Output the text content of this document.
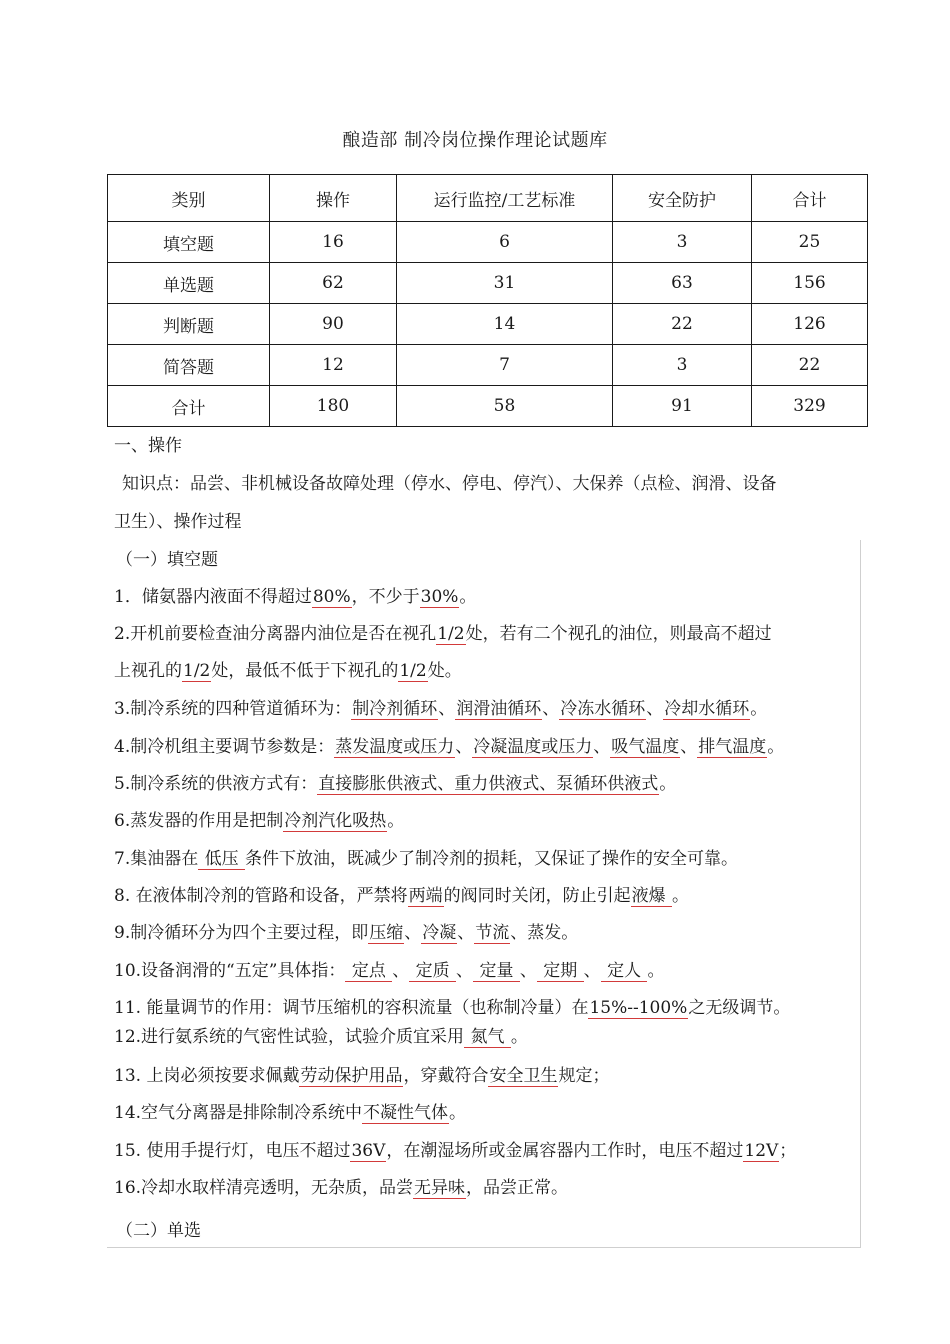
酿造部 制冷岗位操作理论试题库
类别	操作	运行监控/工艺标准	安全防护	合计
填空题	16	6	3	25
单选题	62	31	63	156
判断题	90	14	22	126
简答题	12	7	3	22
合计	180	58	91	329
一、操作
知识点：品尝、非机械设备故障处理（停水、停电、停汽）、大保养（点检、润滑、设备
卫生）、操作过程
（一）填空题
1．储氨器内液面不得超过80%，不少于30%。
2.开机前要检查油分离器内油位是否在视孔1/2处，若有二个视孔的油位，则最高不超过
上视孔的1/2处，最低不低于下视孔的1/2处。
3.制冷系统的四种管道循环为：制冷剂循环、润滑油循环、冷冻水循环、冷却水循环。
4.制冷机组主要调节参数是：蒸发温度或压力、冷凝温度或压力、吸气温度、排气温度。
5.制冷系统的供液方式有：直接膨胀供液式、重力供液式、泵循环供液式。
6.蒸发器的作用是把制冷剂汽化吸热。
7.集油器在 低压 条件下放油，既减少了制冷剂的损耗，又保证了操作的安全可靠。
8. 在液体制冷剂的管路和设备，严禁将两端的阀同时关闭，防止引起液爆 。
9.制冷循环分为四个主要过程，即压缩、冷凝、节流、蒸发。
10.设备润滑的“五定”具体指： 定点 、 定质 、 定量 、 定期 、 定人 。
11. 能量调节的作用：调节压缩机的容积流量（也称制冷量）在15%--100%之无级调节。
12.进行氨系统的气密性试验，试验介质宜采用 氮气 。
13. 上岗必须按要求佩戴劳动保护用品，穿戴符合安全卫生规定；
14.空气分离器是排除制冷系统中不凝性气体。
15. 使用手提行灯，电压不超过36V，在潮湿场所或金属容器内工作时，电压不超过12V；
16.冷却水取样清亮透明，无杂质，品尝无异味，品尝正常。
（二）单选
